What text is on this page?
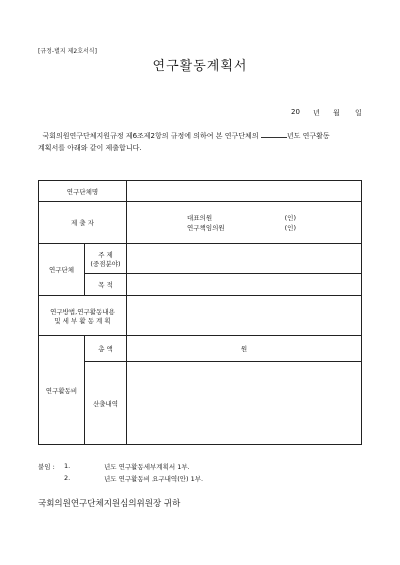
[규정-별지 제2호서식]
연구활동계획서
20 년 월 일
국회의원연구단체지원규정 제6조제2항의 규정에 의하여 본 연구단체의	년도 연구활동
계획서를 아래와 같이 제출합니다.
연구단체명		
제 출 자		대표의원 (인)
연구책임의원 (인)

연구단체	주 제
(중점분야)	

	목 적	

연구방법,연구활동내용
및 세 부 활 동 계 획		

연구활동비	총 액	원
	산출내역	
붙임 : 1.	년도 연구활동세부계획서 1부.
2.	년도 연구활동비 요구내역(안) 1부.
국회의원연구단체지원심의위원장 귀하
